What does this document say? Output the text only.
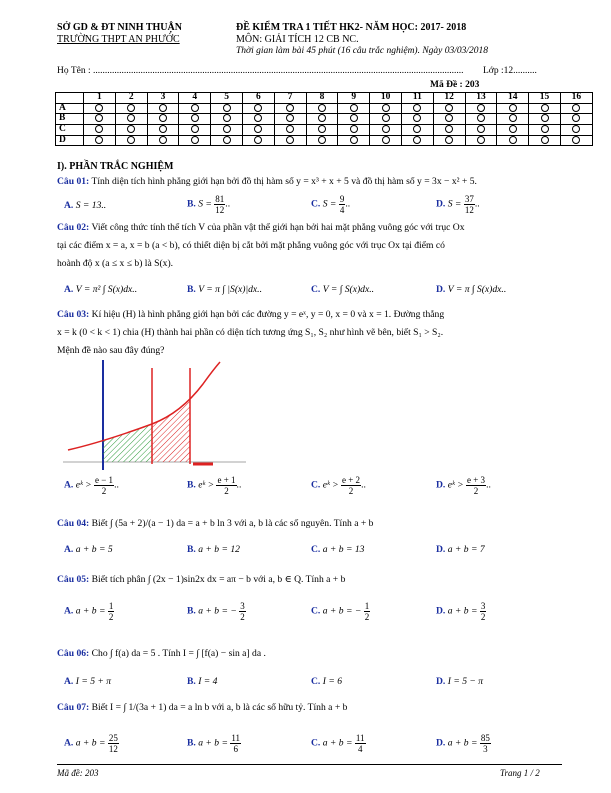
SỞ GD & ĐT NINH THUẬN
TRƯỜNG THPT AN PHƯỚC
ĐỀ KIỂM TRA 1 TIẾT HK2- NĂM HỌC: 2017- 2018
MÔN: GIẢI TÍCH 12 CB NC.
Thời gian làm bài 45 phút (16 câu trắc nghiệm). Ngày 03/03/2018
Họ Tên : ............................................................................................................................................................	Lớp :12..........
Mã Đề : 203
	1	2	3	4	5	6	7	8	9	10	11	12	13	14	15	16
A																
B																
C																
D																
I). PHẦN TRẮC NGHIỆM
Câu 01: Tính diện tích hình phẳng giới hạn bởi đồ thị hàm số y = x³ + x + 5 và đồ thị hàm số y = 3x − x² + 5.
A. S = 13..	B. $S = \frac{81}{12}$ ..	C. $S = \frac{9}{4}$ ..	D. $S = \frac{37}{12}$ ..
Câu 02: Viết công thức tính thể tích V của phần vật thể giới hạn bởi hai mặt phẳng vuông góc với trục Ox
tại các điểm x = a, x = b (a < b), có thiết diện bị cắt bởi mặt phẳng vuông góc với trục Ox tại điểm có
hoành độ x (a ≤ x ≤ b) là S(x).
A. V = π² ∫ S(x)dx..	B. V = π ∫ |S(x)|dx..	C. V = ∫ S(x)dx..	D. V = π ∫ S(x)dx..
Câu 03: Kí hiệu (H) là hình phẳng giới hạn bởi các đường y = eˣ, y = 0, x = 0 và x = 1. Đường thẳng
x = k (0 < k < 1) chia (H) thành hai phần có diện tích tương ứng S₁, S₂ như hình vẽ bên, biết S₁ > S₂.
Mệnh đề nào sau đây đúng?
A. eᵏ > $\frac{e - 1}{2}$ ..	B. eᵏ > $\frac{e + 1}{2}$ ..	C. eᵏ > $\frac{e + 2}{2}$ ..	D. eᵏ > $\frac{e + 3}{2}$ ..
Câu 04: Biết ∫ (5a + 2)/(a − 1) da = a + b ln 3 với a, b là các số nguyên. Tính a + b
A. a + b = 5	B. a + b = 12	C. a + b = 13	D. a + b = 7
Câu 05: Biết tích phân ∫ (2x − 1)sin2x dx = aπ − b với a, b ∈ Q. Tính a + b
A. $a + b = \frac{1}{2}$	B. a + b = − $\frac{3}{2}$	C. a + b = − $\frac{1}{2}$	D. $a + b = \frac{3}{2}$
Câu 06: Cho ∫ f(a) da = 5 . Tính I = ∫ [f(a) − sin a] da .
A. I = 5 + π	B. I = 4	C. I = 6	D. I = 5 − π
Câu 07: Biết I = ∫ 1/(3a + 1) da = a ln b với a, b là các số hữu tỷ. Tính a + b
A. $a + b = \frac{25}{12}$	B. $a + b = \frac{11}{6}$	C. $a + b = \frac{11}{4}$	D. $a + b = \frac{85}{3}$
Mã đề: 203	Trang 1 / 2
